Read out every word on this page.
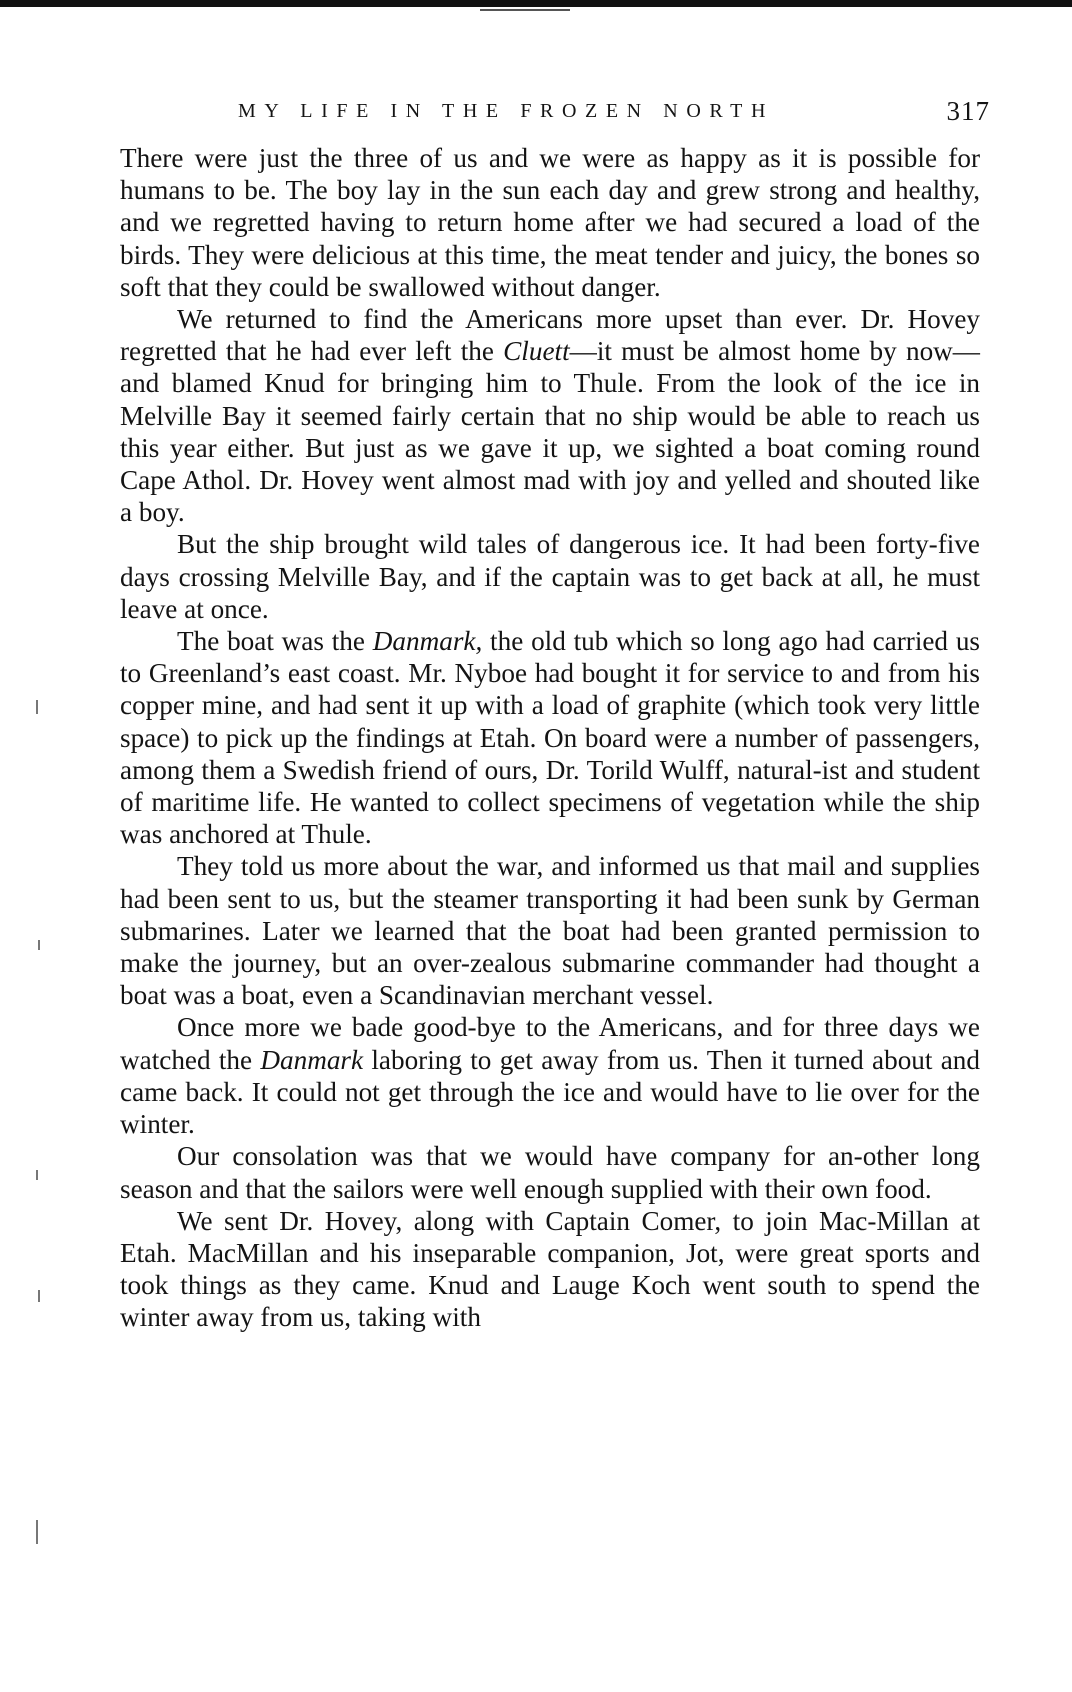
MY LIFE IN THE FROZEN NORTH	317

There were just the three of us and we were as happy as it is possible for humans to be. The boy lay in the sun each day and grew strong and healthy, and we regretted having to return home after we had secured a load of the birds. They were delicious at this time, the meat tender and juicy, the bones so soft that they could be swallowed without danger.

We returned to find the Americans more upset than ever. Dr. Hovey regretted that he had ever left the Cluett—it must be almost home by now—and blamed Knud for bringing him to Thule. From the look of the ice in Melville Bay it seemed fairly certain that no ship would be able to reach us this year either. But just as we gave it up, we sighted a boat coming round Cape Athol. Dr. Hovey went almost mad with joy and yelled and shouted like a boy.

But the ship brought wild tales of dangerous ice. It had been forty-five days crossing Melville Bay, and if the captain was to get back at all, he must leave at once.

The boat was the Danmark, the old tub which so long ago had carried us to Greenland’s east coast. Mr. Nyboe had bought it for service to and from his copper mine, and had sent it up with a load of graphite (which took very little space) to pick up the findings at Etah. On board were a number of passengers, among them a Swedish friend of ours, Dr. Torild Wulff, natural-ist and student of maritime life. He wanted to collect specimens of vegetation while the ship was anchored at Thule.

They told us more about the war, and informed us that mail and supplies had been sent to us, but the steamer transporting it had been sunk by German submarines. Later we learned that the boat had been granted permission to make the journey, but an over-zealous submarine commander had thought a boat was a boat, even a Scandinavian merchant vessel.

Once more we bade good-bye to the Americans, and for three days we watched the Danmark laboring to get away from us. Then it turned about and came back. It could not get through the ice and would have to lie over for the winter.

Our consolation was that we would have company for an-other long season and that the sailors were well enough supplied with their own food.

We sent Dr. Hovey, along with Captain Comer, to join Mac-Millan at Etah. MacMillan and his inseparable companion, Jot, were great sports and took things as they came. Knud and Lauge Koch went south to spend the winter away from us, taking with
